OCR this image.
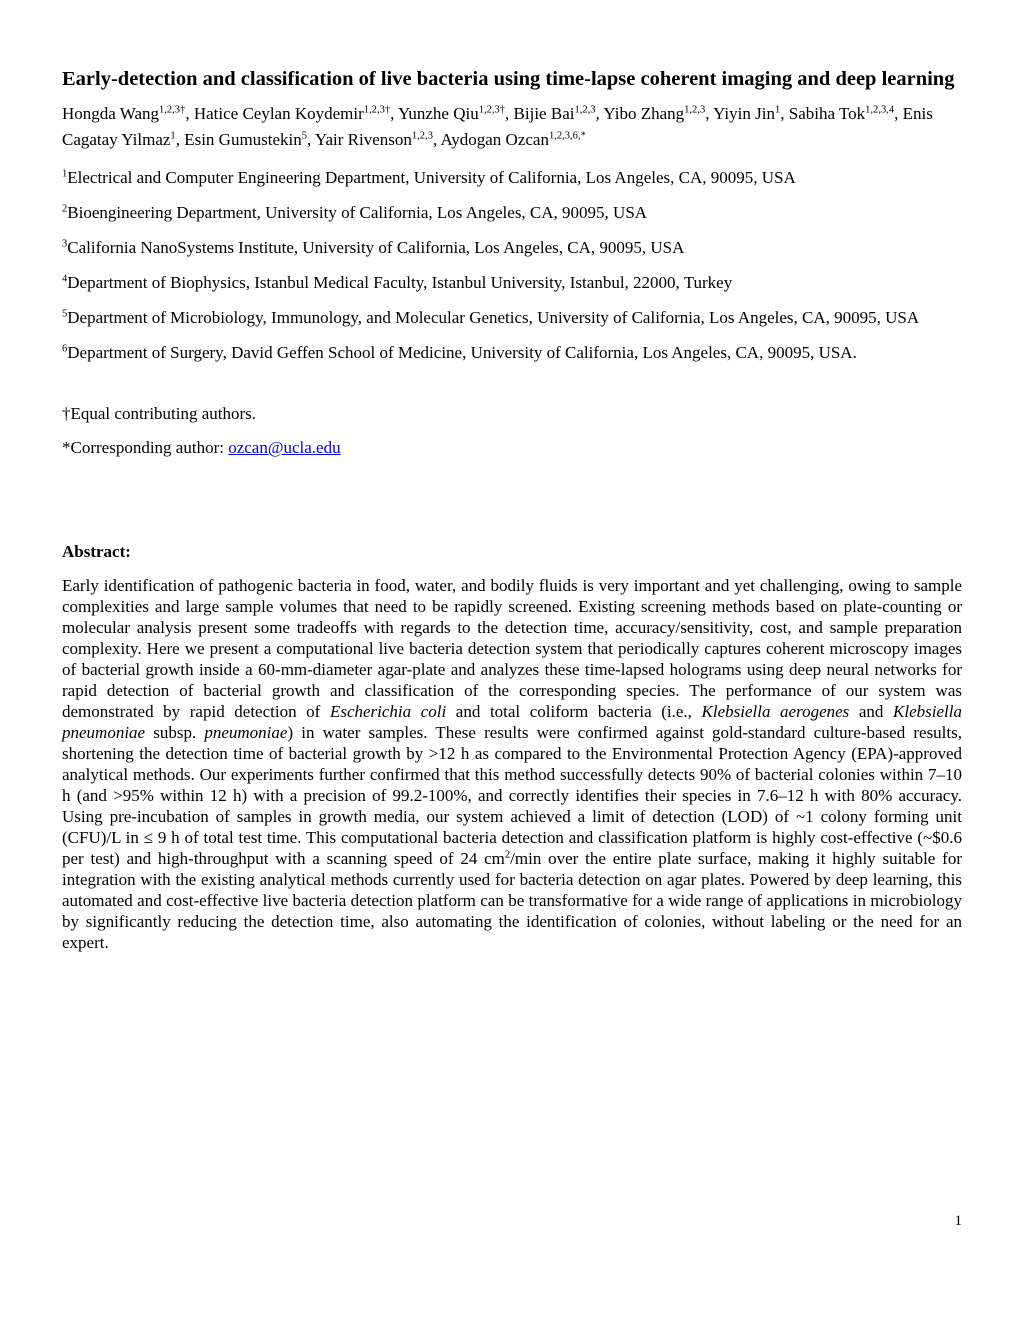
Early-detection and classification of live bacteria using time-lapse coherent imaging and deep learning

Hongda Wang$^{1,2,3\dagger}$, Hatice Ceylan Koydemir$^{1,2,3\dagger}$, Yunzhe Qiu$^{1,2,3\dagger}$, Bijie Bai$^{1,2,3}$, Yibo Zhang$^{1,2,3}$, Yiyin Jin$^1$, Sabiha Tok$^{1,2,3,4}$, Enis Cagatay Yilmaz$^1$, Esin Gumustekin$^5$, Yair Rivenson$^{1,2,3}$, Aydogan Ozcan$^{1,2,3,6,*}$

$^1$Electrical and Computer Engineering Department, University of California, Los Angeles, CA, 90095, USA

$^2$Bioengineering Department, University of California, Los Angeles, CA, 90095, USA

$^3$California NanoSystems Institute, University of California, Los Angeles, CA, 90095, USA

$^4$Department of Biophysics, Istanbul Medical Faculty, Istanbul University, Istanbul, 22000, Turkey

$^5$Department of Microbiology, Immunology, and Molecular Genetics, University of California, Los Angeles, CA, 90095, USA

$^6$Department of Surgery, David Geffen School of Medicine, University of California, Los Angeles, CA, 90095, USA.

†Equal contributing authors.

*Corresponding author: ozcan@ucla.edu

Abstract:

Early identification of pathogenic bacteria in food, water, and bodily fluids is very important and yet challenging, owing to sample complexities and large sample volumes that need to be rapidly screened. Existing screening methods based on plate-counting or molecular analysis present some tradeoffs with regards to the detection time, accuracy/sensitivity, cost, and sample preparation complexity. Here we present a computational live bacteria detection system that periodically captures coherent microscopy images of bacterial growth inside a 60-mm-diameter agar-plate and analyzes these time-lapsed holograms using deep neural networks for rapid detection of bacterial growth and classification of the corresponding species. The performance of our system was demonstrated by rapid detection of Escherichia coli and total coliform bacteria (i.e., Klebsiella aerogenes and Klebsiella pneumoniae subsp. pneumoniae) in water samples. These results were confirmed against gold-standard culture-based results, shortening the detection time of bacterial growth by >12 h as compared to the Environmental Protection Agency (EPA)-approved analytical methods. Our experiments further confirmed that this method successfully detects 90% of bacterial colonies within 7–10 h (and >95% within 12 h) with a precision of 99.2-100%, and correctly identifies their species in 7.6–12 h with 80% accuracy. Using pre-incubation of samples in growth media, our system achieved a limit of detection (LOD) of ~1 colony forming unit (CFU)/L in ≤ 9 h of total test time. This computational bacteria detection and classification platform is highly cost-effective (~$0.6 per test) and high-throughput with a scanning speed of 24 $cm^2/\min$ over the entire plate surface, making it highly suitable for integration with the existing analytical methods currently used for bacteria detection on agar plates. Powered by deep learning, this automated and cost-effective live bacteria detection platform can be transformative for a wide range of applications in microbiology by significantly reducing the detection time, also automating the identification of colonies, without labeling or the need for an expert.

1
